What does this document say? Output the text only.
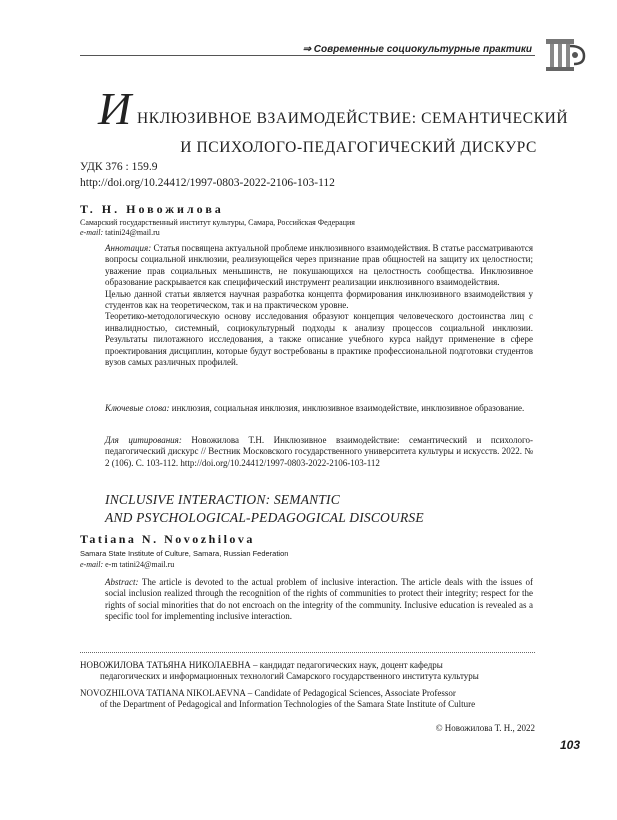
⇒ Современные социокультурные практики
И НКЛЮЗИВНОЕ ВЗАИМОДЕЙСТВИЕ: СЕМАНТИЧЕСКИЙ
И ПСИХОЛОГО-ПЕДАГОГИЧЕСКИЙ ДИСКУРС
УДК 376 : 159.9
http://doi.org/10.24412/1997-0803-2022-2106-103-112
Т. Н. Новожилова
Самарский государственный институт культуры, Самара, Российская Федерация
e-mail: tatini24@mail.ru

Аннотация: Статья посвящена актуальной проблеме инклюзивного взаимодействия. В статье рассматриваются вопросы социальной инклюзии, реализующейся через признание прав общностей на защиту их целостности; уважение прав социальных меньшинств, не покушающихся на целостность сообщества. Инклюзивное образование раскрывается как специфический инструмент реализации инклюзивного взаимодействия.

Целью данной статьи является научная разработка концепта формирования инклюзивного взаимодействия у студентов как на теоретическом, так и на практическом уровне.

Теоретико-методологическую основу исследования образуют концепция человеческого достоинства лиц с инвалидностью, системный, социокультурный подходы к анализу процессов социальной инклюзии. Результаты пилотажного исследования, а также описание учебного курса найдут применение в сфере проектирования дисциплин, которые будут востребованы в практике профессиональной подготовки студентов вузов самых различных профилей.

Ключевые слова: инклюзия, социальная инклюзия, инклюзивное взаимодействие, инклюзивное образование.

Для цитирования: Новожилова Т.Н. Инклюзивное взаимодействие: семантический и психолого-педагогический дискурс // Вестник Московского государственного университета культуры и искусств. 2022. № 2 (106). С. 103-112. http://doi.org/10.24412/1997-0803-2022-2106-103-112

INCLUSIVE INTERACTION: SEMANTIC
AND PSYCHOLOGICAL-PEDAGOGICAL DISCOURSE
Tatiana N. Novozhilova
Samara State Institute of Culture, Samara, Russian Federation
e-mail: e-m tatini24@mail.ru

Abstract: The article is devoted to the actual problem of inclusive interaction. The article deals with the issues of social inclusion realized through the recognition of the rights of communities to protect their integrity; respect for the rights of social minorities that do not encroach on the integrity of the community. Inclusive education is revealed as a specific tool for implementing inclusive interaction.

НОВОЖИЛОВА ТАТЬЯНА НИКОЛАЕВНА – кандидат педагогических наук, доцент кафедры
педагогических и информационных технологий Самарского государственного института культуры
NOVOZHILOVA TATIANA NIKOLAEVNA – Candidate of Pedagogical Sciences, Associate Professor
of the Department of Pedagogical and Information Technologies of the Samara State Institute of Culture
© Новожилова Т. Н., 2022
103
